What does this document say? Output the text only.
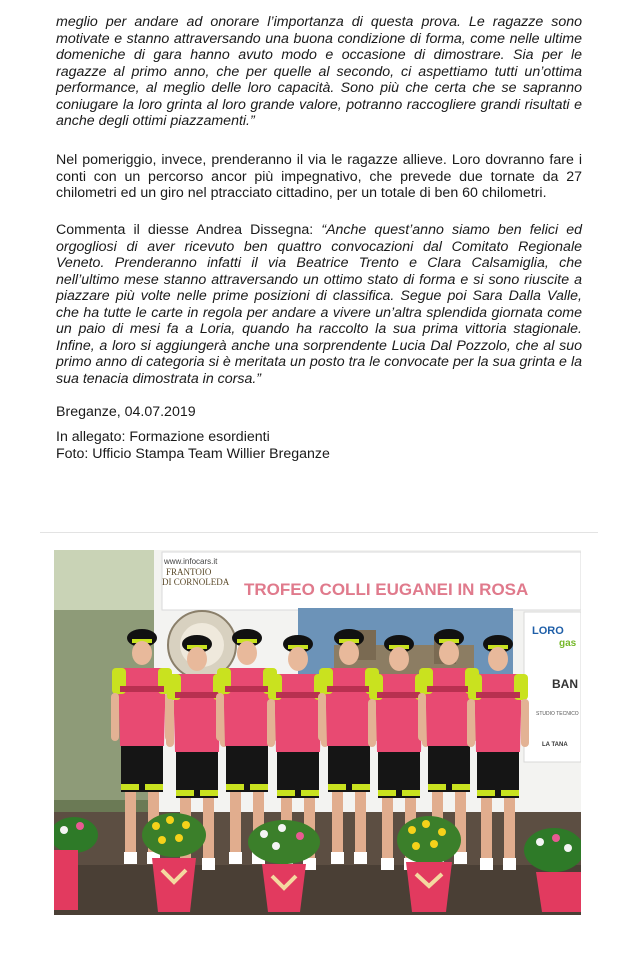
meglio per andare ad onorare l’importanza di questa prova. Le ragazze sono motivate e stanno attraversando una buona condizione di forma, come nelle ultime domeniche di gara hanno avuto modo e occasione di dimostrare. Sia per le ragazze al primo anno, che per quelle al secondo, ci aspettiamo tutti un’ottima performance, al meglio delle loro capacità. Sono più che certa che se sapranno coniugare la loro grinta al loro grande valore, potranno raccogliere grandi risultati e anche degli ottimi piazzamenti.”

Nel pomeriggio, invece, prenderanno il via le ragazze allieve. Loro dovranno fare i conti con un percorso ancor più impegnativo, che prevede due tornate da 27 chilometri ed un giro nel ptracciato cittadino, per un totale di ben 60 chilometri.

Commenta il diesse Andrea Dissegna: “Anche quest’anno siamo ben felici ed orgogliosi di aver ricevuto ben quattro convocazioni dal Comitato Regionale Veneto. Prenderanno infatti il via Beatrice Trento e Clara Calsamiglia, che nell’ultimo mese stanno attraversando un ottimo stato di forma e si sono riuscite a piazzare più volte nelle prime posizioni di classifica. Segue poi Sara Dalla Valle, che ha tutte le carte in regola per andare a vivere un’altra splendida giornata come un paio di mesi fa a Loria, quando ha raccolto la sua prima vittoria stagionale. Infine, a loro si aggiungerà anche una sorprendente Lucia Dal Pozzolo, che al suo primo anno di categoria si è meritata un posto tra le convocate per la sua grinta e la sua tenacia dimostrata in corsa.”

Breganze, 04.07.2019
In allegato: Formazione esordienti
Foto: Ufficio Stampa Team Willier Breganze
TROFEO COLLI EUGANEI IN ROSA
www.infocars.it
FRANTOIO
DI CORNOLEDA
LORO
gas
BAN
STUDIO TECNICO
LA TANA
